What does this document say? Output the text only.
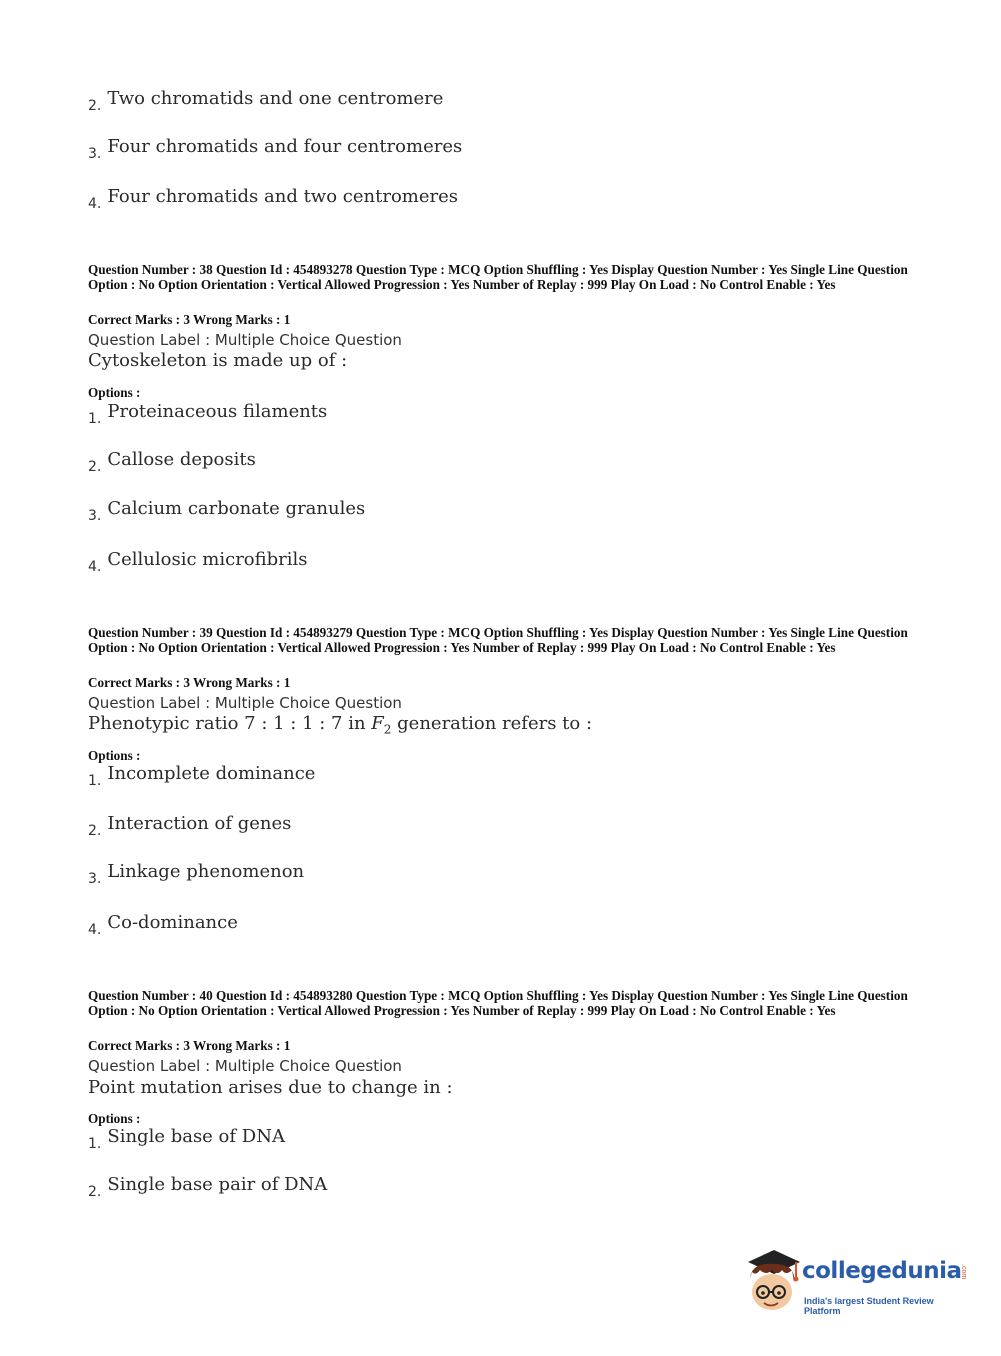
2. Two chromatids and one centromere
3. Four chromatids and four centromeres
4. Four chromatids and two centromeres
Question Number : 38 Question Id : 454893278 Question Type : MCQ Option Shuffling : Yes Display Question Number : Yes Single Line Question Option : No Option Orientation : Vertical Allowed Progression : Yes Number of Replay : 999 Play On Load : No Control Enable : Yes
Correct Marks : 3 Wrong Marks : 1
Question Label : Multiple Choice Question
Cytoskeleton is made up of :
Options :
1. Proteinaceous filaments
2. Callose deposits
3. Calcium carbonate granules
4. Cellulosic microfibrils
Question Number : 39 Question Id : 454893279 Question Type : MCQ Option Shuffling : Yes Display Question Number : Yes Single Line Question Option : No Option Orientation : Vertical Allowed Progression : Yes Number of Replay : 999 Play On Load : No Control Enable : Yes
Correct Marks : 3 Wrong Marks : 1
Question Label : Multiple Choice Question
Phenotypic ratio 7 : 1 : 1 : 7 in $F_2$ generation refers to :
Options :
1. Incomplete dominance
2. Interaction of genes
3. Linkage phenomenon
4. Co-dominance
Question Number : 40 Question Id : 454893280 Question Type : MCQ Option Shuffling : Yes Display Question Number : Yes Single Line Question Option : No Option Orientation : Vertical Allowed Progression : Yes Number of Replay : 999 Play On Load : No Control Enable : Yes
Correct Marks : 3 Wrong Marks : 1
Question Label : Multiple Choice Question
Point mutation arises due to change in :
Options :
1. Single base of DNA
2. Single base pair of DNA
collegedunia
.com
India's largest Student Review Platform
